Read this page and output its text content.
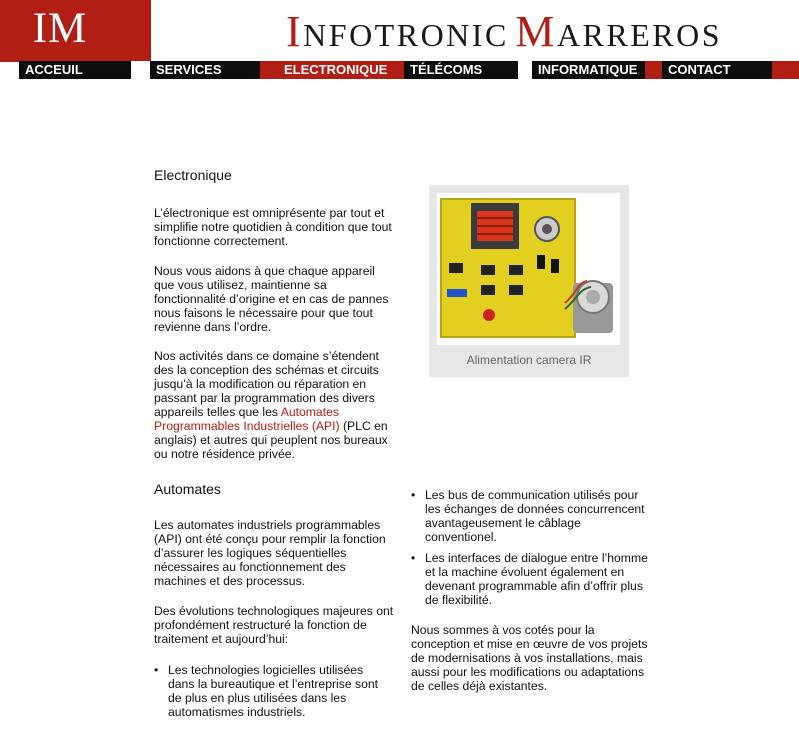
IM	INFOTRONIC MARREROS
ACCEUIL	SERVICES	ELECTRONIQUE	TÉLÉCOMS	INFORMATIQUE	CONTACT
Electronique

L’électronique est omniprésente par tout et simplifie notre quotidien à condition que tout fonctionne correctement.

Nous vous aidons à que chaque appareil que vous utilisez, maintienne sa fonctionnalité d’origine et en cas de pannes nous faisons le nécessaire pour que tout revienne dans l’ordre.

Nos activités dans ce domaine s’étendent des la conception des schémas et circuits jusqu’à la modification ou réparation en passant par la programmation des divers appareils telles que les Automates Programmables Industrielles (API) (PLC en anglais) et autres qui peuplent nos bureaux ou notre résidence privée.

Automates

Les automates industriels programmables (API) ont été conçu pour remplir la fonction d’assurer les logiques séquentielles nécessaires au fonctionnement des machines et des processus.

Des évolutions technologiques majeures ont profondément restructuré la fonction de traitement et aujourd’hui:

• Les technologies logicielles utilisées dans la bureautique et l’entreprise sont de plus en plus utilisées dans les automatismes industriels.
Alimentation camera IR
• Les bus de communication utilisés pour les échanges de données concurrencent avantageusement le câblage conventionel.
• Les interfaces de dialogue entre l’homme et la machine évoluent également en devenant programmable afin d’offrir plus de flexibilité.

Nous sommes à vos cotés pour la conception et mise en œuvre de vos projets de modernisations à vos installations, mais aussi pour les modifications ou adaptations de celles déjà existantes.
